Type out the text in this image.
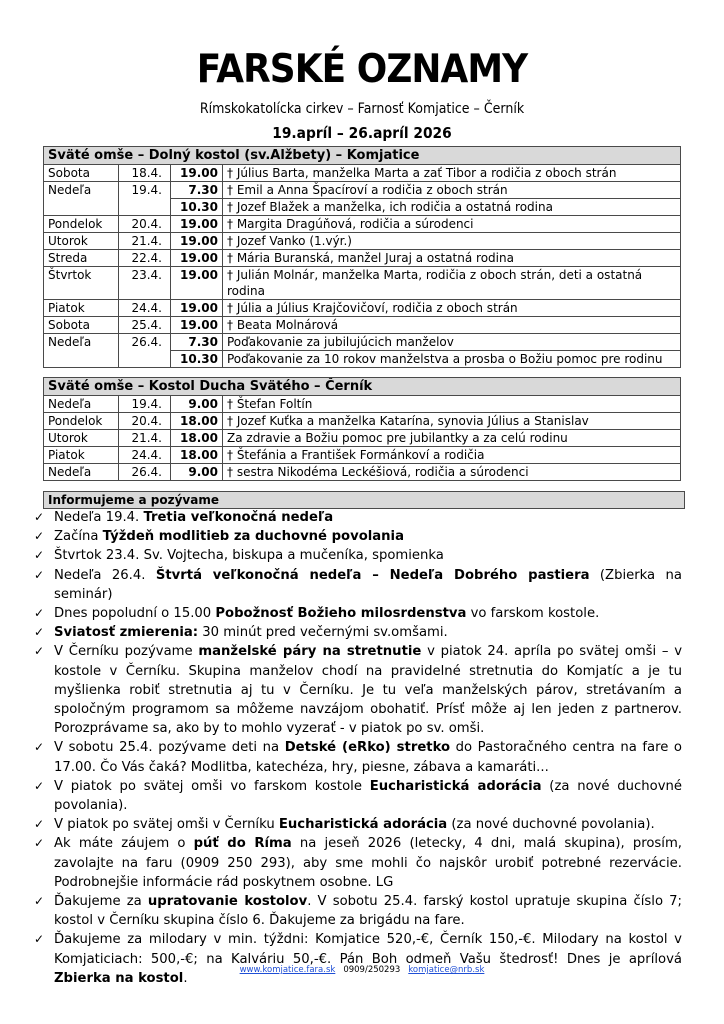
FARSKÉ OZNAMY
Rímskokatolícka cirkev – Farnosť Komjatice – Černík
19.apríl – 26.apríl 2026
Sväté omše – Dolný kostol (sv.Alžbety) – Komjatice			
Sobota	18.4.	19.00	† Július Barta, manželka Marta a zať Tibor a rodičia z oboch strán
Nedeľa	19.4.	7.30	† Emil a Anna Špacíroví a rodičia z oboch strán
		10.30	† Jozef Blažek a manželka, ich rodičia a ostatná rodina
Pondelok	20.4.	19.00	† Margita Dragúňová, rodičia a súrodenci
Utorok	21.4.	19.00	† Jozef Vanko (1.výr.)
Streda	22.4.	19.00	† Mária Buranská, manžel Juraj a ostatná rodina
Štvrtok	23.4.	19.00	† Julián Molnár, manželka Marta, rodičia z oboch strán, deti a ostatná rodina
Piatok	24.4.	19.00	† Júlia a Július Krajčovičoví, rodičia z oboch strán
Sobota	25.4.	19.00	† Beata Molnárová
Nedeľa	26.4.	7.30	Poďakovanie za jubilujúcich manželov
		10.30	Poďakovanie za 10 rokov manželstva a prosba o Božiu pomoc pre rodinu
Sväté omše – Kostol Ducha Svätého – Černík			
Nedeľa	19.4.	9.00	† Štefan Foltín
Pondelok	20.4.	18.00	† Jozef Kuťka a manželka Katarína, synovia Július a Stanislav
Utorok	21.4.	18.00	Za zdravie a Božiu pomoc pre jubilantky a za celú rodinu
Piatok	24.4.	18.00	† Štefánia a František Formánkoví a rodičia
Nedeľa	26.4.	9.00	† sestra Nikodéma Leckéšiová, rodičia a súrodenci
Informujeme a pozývame
✓ Nedeľa 19.4. Tretia veľkonočná nedeľa
✓ Začína Týždeň modlitieb za duchovné povolania
✓ Štvrtok 23.4. Sv. Vojtecha, biskupa a mučeníka, spomienka
✓ Nedeľa 26.4. Štvrtá veľkonočná nedeľa – Nedeľa Dobrého pastiera (Zbierka na seminár)
✓ Dnes popoludní o 15.00 Pobožnosť Božieho milosrdenstva vo farskom kostole.
✓ Sviatosť zmierenia: 30 minút pred večernými sv.omšami.
✓ V Černíku pozývame manželské páry na stretnutie v piatok 24. apríla po svätej omši – v kostole v Černíku. Skupina manželov chodí na pravidelné stretnutia do Komjatíc a je tu myšlienka robiť stretnutia aj tu v Černíku. Je tu veľa manželských párov, stretávaním a spoločným programom sa môžeme navzájom obohatiť. Prísť môže aj len jeden z partnerov. Porozprávame sa, ako by to mohlo vyzerať - v piatok po sv. omši.
✓ V sobotu 25.4. pozývame deti na Detské (eRko) stretko do Pastoračného centra na fare o 17.00. Čo Vás čaká? Modlitba, katechéza, hry, piesne, zábava a kamaráti...
✓ V piatok po svätej omši vo farskom kostole Eucharistická adorácia (za nové duchovné povolania).
✓ V piatok po svätej omši v Černíku Eucharistická adorácia (za nové duchovné povolania).
✓ Ak máte záujem o púť do Ríma na jeseň 2026 (letecky, 4 dni, malá skupina), prosím, zavolajte na faru (0909 250 293), aby sme mohli čo najskôr urobiť potrebné rezervácie. Podrobnejšie informácie rád poskytnem osobne. LG
✓ Ďakujeme za upratovanie kostolov. V sobotu 25.4. farský kostol upratuje skupina číslo 7; kostol v Černíku skupina číslo 6. Ďakujeme za brigádu na fare.
✓ Ďakujeme za milodary v min. týždni: Komjatice 520,-€, Černík 150,-€. Milodary na kostol v Komjaticiach: 500,-€; na Kalváriu 50,-€. Pán Boh odmeň Vašu štedrosť! Dnes je aprílová Zbierka na kostol.
www.komjatice.fara.sk 0909/250293 komjatice@nrb.sk
